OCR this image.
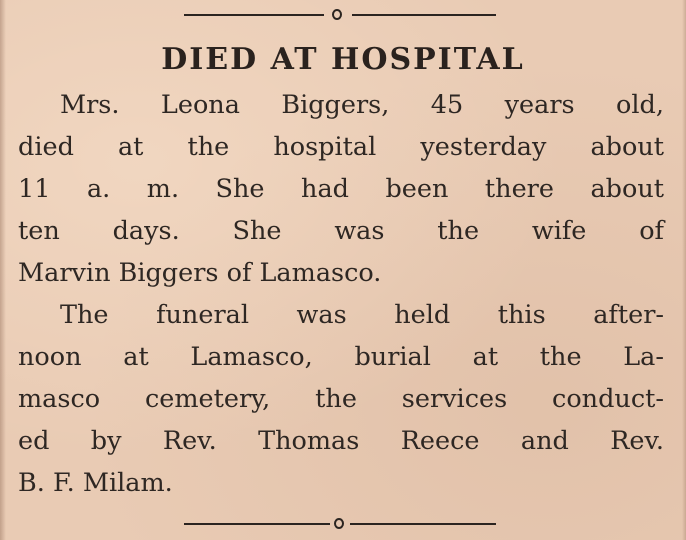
DIED AT HOSPITAL
Mrs. Leona Biggers, 45 years old,
died at the hospital yesterday about
11 a. m. She had been there about
ten days. She was the wife of
Marvin Biggers of Lamasco.
The funeral was held this after-
noon at Lamasco, burial at the La-
masco cemetery, the services conduct-
ed by Rev. Thomas Reece and Rev.
B. F. Milam.
